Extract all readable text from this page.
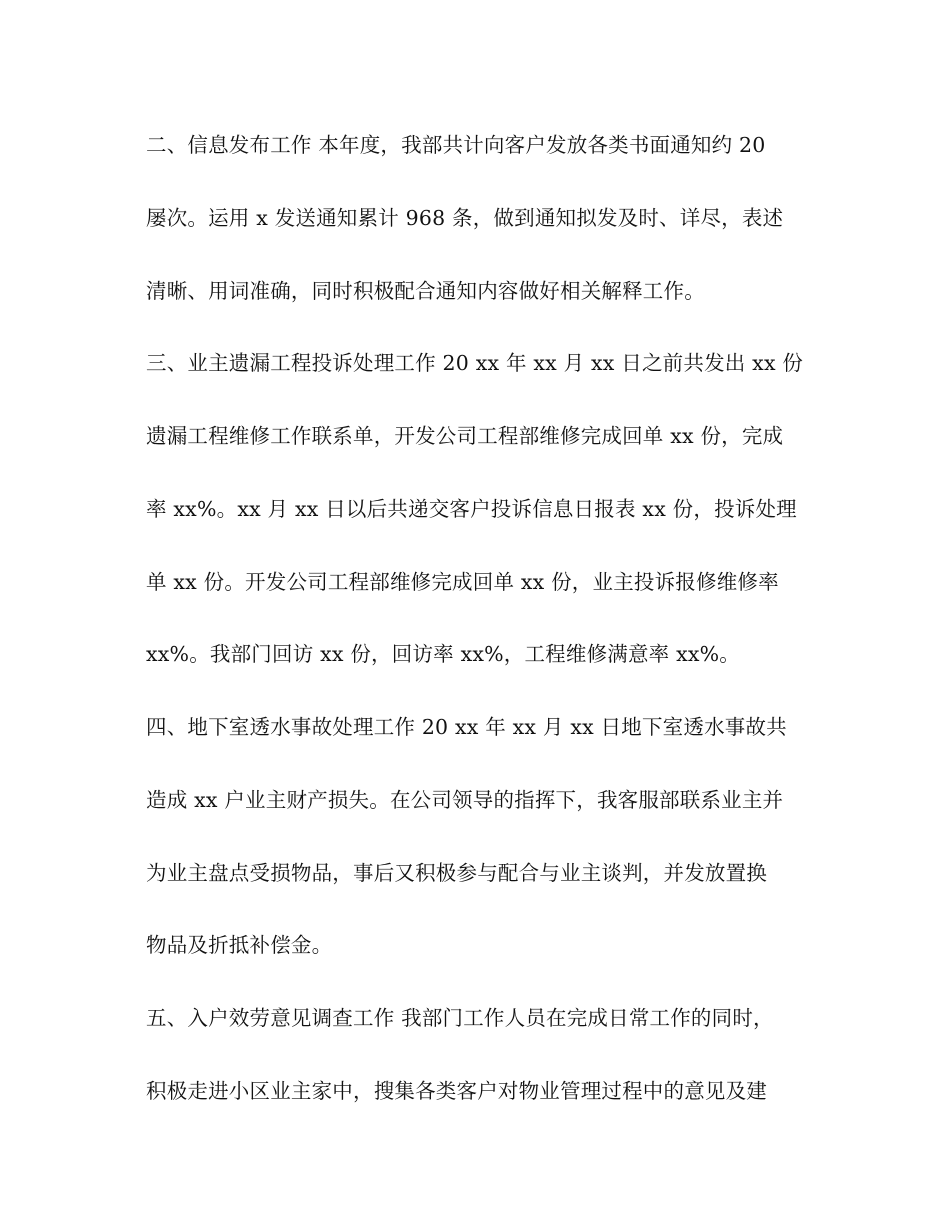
二、信息发布工作 本年度，我部共计向客户发放各类书面通知约 20
屡次。运用 x 发送通知累计 968 条，做到通知拟发及时、详尽，表述
清晰、用词准确，同时积极配合通知内容做好相关解释工作。
三、业主遗漏工程投诉处理工作 20 xx 年 xx 月 xx 日之前共发出 xx 份
遗漏工程维修工作联系单，开发公司工程部维修完成回单 xx 份，完成
率 xx%。xx 月 xx 日以后共递交客户投诉信息日报表 xx 份，投诉处理
单 xx 份。开发公司工程部维修完成回单 xx 份，业主投诉报修维修率
xx%。我部门回访 xx 份，回访率 xx%，工程维修满意率 xx%。
四、地下室透水事故处理工作 20 xx 年 xx 月 xx 日地下室透水事故共
造成 xx 户业主财产损失。在公司领导的指挥下，我客服部联系业主并
为业主盘点受损物品，事后又积极参与配合与业主谈判，并发放置换
物品及折抵补偿金。
五、入户效劳意见调查工作 我部门工作人员在完成日常工作的同时，
积极走进小区业主家中，搜集各类客户对物业管理过程中的意见及建
